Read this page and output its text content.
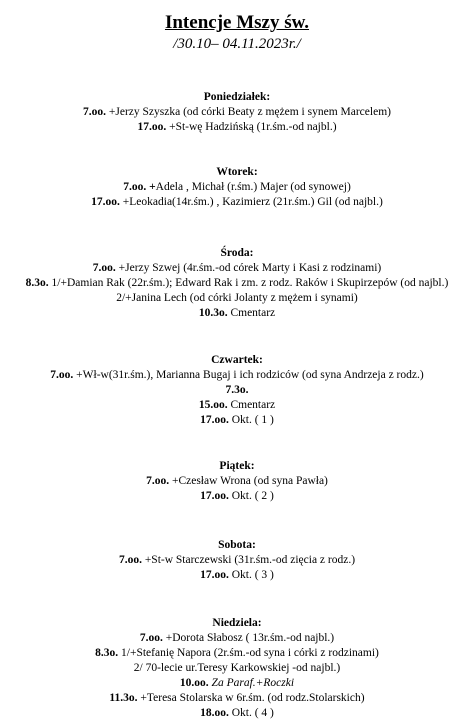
Intencje Mszy św.
/30.10– 04.11.2023r./
Poniedziałek:
7.oo. +Jerzy Szyszka (od córki Beaty z mężem i synem Marcelem)
17.oo. +St-wę Hadzińską (1r.śm.-od najbl.)
Wtorek:
7.oo. +Adela , Michał (r.śm.) Majer (od synowej)
17.oo. +Leokadia(14r.śm.) , Kazimierz (21r.śm.) Gil (od najbl.)
Środa:
7.oo. +Jerzy Szwej (4r.śm.-od córek Marty i Kasi z rodzinami)
8.3o. 1/+Damian Rak (22r.śm.); Edward Rak i zm. z rodz. Raków i Skupirzepów (od najbl.)
2/+Janina Lech (od córki Jolanty z mężem i synami)
10.3o. Cmentarz
Czwartek:
7.oo. +Wł-w(31r.śm.), Marianna Bugaj i ich rodziców (od syna Andrzeja z rodz.)
7.3o.
15.oo. Cmentarz
17.oo. Okt. ( 1 )
Piątek:
7.oo. +Czesław Wrona (od syna Pawła)
17.oo. Okt. ( 2 )
Sobota:
7.oo. +St-w Starczewski (31r.śm.-od zięcia z rodz.)
17.oo. Okt. ( 3 )
Niedziela:
7.oo. +Dorota Słabosz ( 13r.śm.-od najbl.)
8.3o. 1/+Stefanię Napora (2r.śm.-od syna i córki z rodzinami)
2/ 70-lecie ur.Teresy Karkowskiej -od najbl.)
10.oo. Za Paraf.+Roczki
11.3o. +Teresa Stolarska w 6r.śm. (od rodz.Stolarskich)
18.oo. Okt. ( 4 )
